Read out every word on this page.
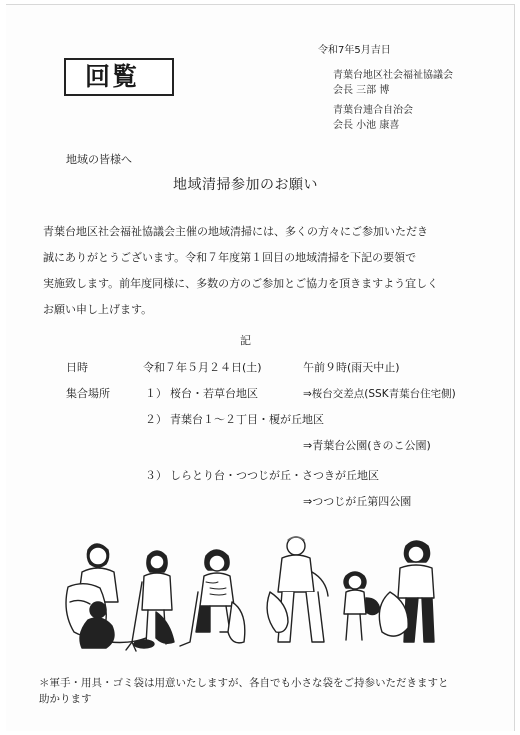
令和7年5月吉日
回覧	青葉台地区社会福祉協議会
会長 三部 博
青葉台連合自治会
会長 小池 康喜
地域の皆様へ
地域清掃参加のお願い
青葉台地区社会福祉協議会主催の地域清掃には、多くの方々にご参加いただき
誠にありがとうございます。令和７年度第１回目の地域清掃を下記の要領で
実施致します。前年度同様に、多数の方のご参加とご協力を頂きますよう宜しく
お願い申し上げます。
記
日時	令和７年５月２４日(土)	午前９時(雨天中止)
集合場所	１） 桜台・若草台地区	⇒桜台交差点(SSK青葉台住宅側)
２） 青葉台１～２丁目・榎が丘地区
⇒青葉台公園(きのこ公園)
３） しらとり台・つつじが丘・さつきが丘地区
⇒つつじが丘第四公園
＊軍手・用具・ゴミ袋は用意いたしますが、各自でも小さな袋をご持参いただきますと
助かります
